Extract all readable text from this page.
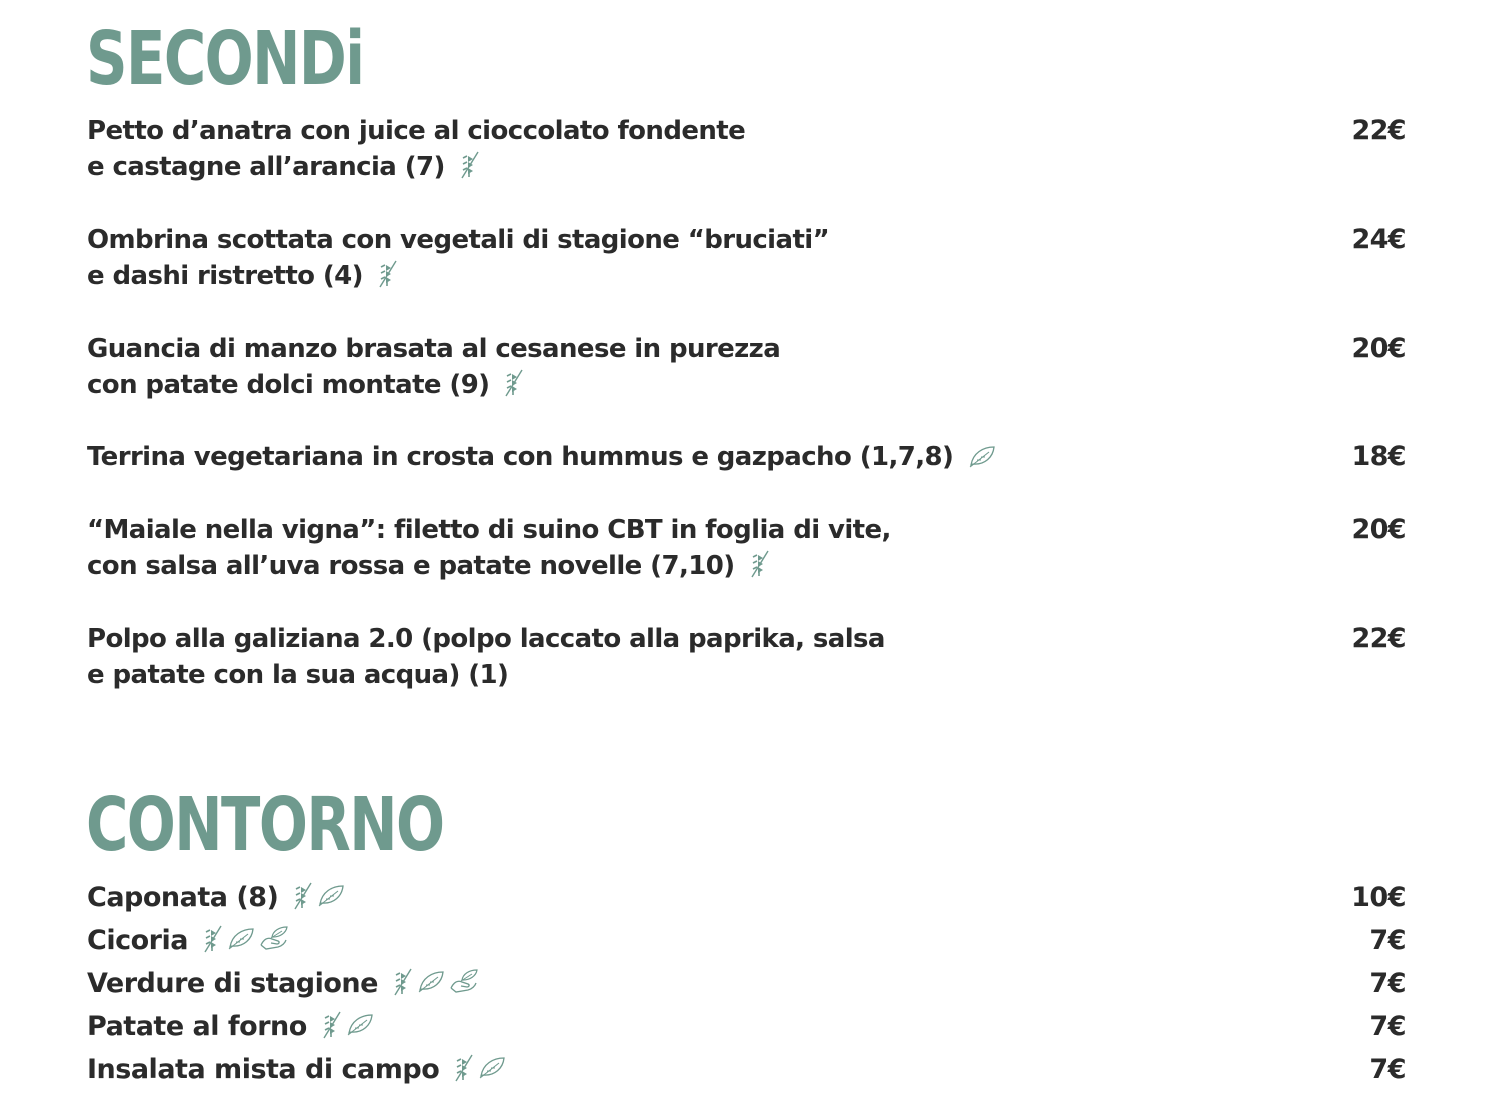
SECONDi
Petto d’anatra con juice al cioccolato fondente
e castagne all’arancia (7)
22€
Ombrina scottata con vegetali di stagione “bruciati”
e dashi ristretto (4)
24€
Guancia di manzo brasata al cesanese in purezza
con patate dolci montate (9)
20€
Terrina vegetariana in crosta con hummus e gazpacho (1,7,8)	18€
“Maiale nella vigna”: filetto di suino CBT in foglia di vite,
con salsa all’uva rossa e patate novelle (7,10)
20€
Polpo alla galiziana 2.0 (polpo laccato alla paprika, salsa
e patate con la sua acqua) (1)
22€
CONTORNO
Caponata (8)	10€
Cicoria	7€
Verdure di stagione	7€
Patate al forno	7€
Insalata mista di campo	7€
